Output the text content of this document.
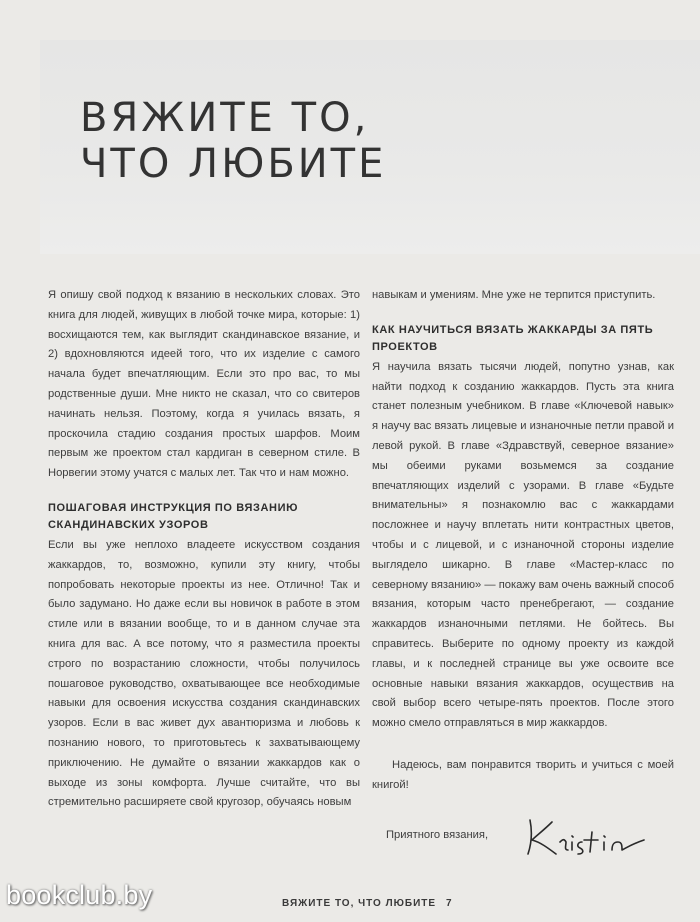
ВЯЖИТЕ ТО,
ЧТО ЛЮБИТЕ

Я опишу свой подход к вязанию в нескольких словах. Это книга для людей, живущих в любой точке мира, которые: 1) восхищаются тем, как выглядит скандинавское вязание, и 2) вдохновляются идеей того, что их изделие с самого начала будет впечатляющим. Если это про вас, то мы родственные души. Мне никто не сказал, что со свитеров начинать нельзя. Поэтому, когда я училась вязать, я проскочила стадию создания простых шарфов. Моим первым же проектом стал кардиган в северном стиле. В Норвегии этому учатся с малых лет. Так что и нам можно.

ПОШАГОВАЯ ИНСТРУКЦИЯ ПО ВЯЗАНИЮ СКАНДИНАВСКИХ УЗОРОВ

Если вы уже неплохо владеете искусством создания жаккардов, то, возможно, купили эту книгу, чтобы попробовать некоторые проекты из нее. Отлично! Так и было задумано. Но даже если вы новичок в работе в этом стиле или в вязании вообще, то и в данном случае эта книга для вас. А все потому, что я разместила проекты строго по возрастанию сложности, чтобы получилось пошаговое руководство, охватывающее все необходимые навыки для освоения искусства создания скандинавских узоров. Если в вас живет дух авантюризма и любовь к познанию нового, то приготовьтесь к захватывающему приключению. Не думайте о вязании жаккардов как о выходе из зоны комфорта. Лучше считайте, что вы стремительно расширяете свой кругозор, обучаясь новым

навыкам и умениям. Мне уже не терпится приступить.

КАК НАУЧИТЬСЯ ВЯЗАТЬ ЖАККАРДЫ ЗА ПЯТЬ ПРОЕКТОВ

Я научила вязать тысячи людей, попутно узнав, как найти подход к созданию жаккардов. Пусть эта книга станет полезным учебником. В главе «Ключевой навык» я научу вас вязать лицевые и изнаночные петли правой и левой рукой. В главе «Здравствуй, северное вязание» мы обеими руками возьмемся за создание впечатляющих изделий с узорами. В главе «Будьте внимательны» я познакомлю вас с жаккардами посложнее и научу вплетать нити контрастных цветов, чтобы и с лицевой, и с изнаночной стороны изделие выглядело шикарно. В главе «Мастер-класс по северному вязанию» — покажу вам очень важный способ вязания, которым часто пренебрегают, — создание жаккардов изнаночными петлями. Не бойтесь. Вы справитесь. Выберите по одному проекту из каждой главы, и к последней странице вы уже освоите все основные навыки вязания жаккардов, осуществив на свой выбор всего четыре-пять проектов. После этого можно смело отправляться в мир жаккардов.

Надеюсь, вам понравится творить и учиться с моей книгой!

Приятного вязания,
bookclub.by	ВЯЖИТЕ ТО, ЧТО ЛЮБИТЕ 7
